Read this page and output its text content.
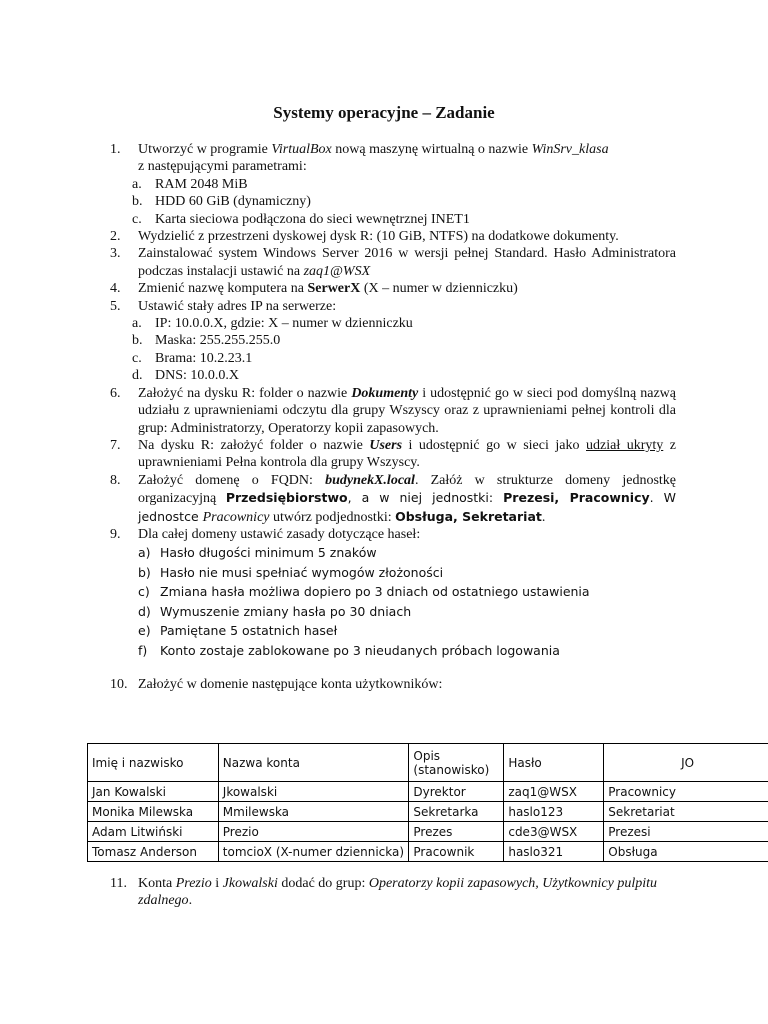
Systemy operacyjne – Zadanie
1. Utworzyć w programie VirtualBox nową maszynę wirtualną o nazwie WinSrv_klasa
z następującymi parametrami:
a. RAM 2048 MiB
b. HDD 60 GiB (dynamiczny)
c. Karta sieciowa podłączona do sieci wewnętrznej INET1
2. Wydzielić z przestrzeni dyskowej dysk R: (10 GiB, NTFS) na dodatkowe dokumenty.
3. Zainstalować system Windows Server 2016 w wersji pełnej Standard. Hasło Administratora podczas instalacji ustawić na zaq1@WSX
4. Zmienić nazwę komputera na SerwerX (X – numer w dzienniczku)
5. Ustawić stały adres IP na serwerze:
a. IP: 10.0.0.X, gdzie: X – numer w dzienniczku
b. Maska: 255.255.255.0
c. Brama: 10.2.23.1
d. DNS: 10.0.0.X
6. Założyć na dysku R: folder o nazwie Dokumenty i udostępnić go w sieci pod domyślną nazwą udziału z uprawnieniami odczytu dla grupy Wszyscy oraz z uprawnieniami pełnej kontroli dla grup: Administratorzy, Operatorzy kopii zapasowych.
7. Na dysku R: założyć folder o nazwie Users i udostępnić go w sieci jako udział ukryty z uprawnieniami Pełna kontrola dla grupy Wszyscy.
8. Założyć domenę o FQDN: budynekX.local. Załóż w strukturze domeny jednostkę organizacyjną Przedsiębiorstwo, a w niej jednostki: Prezesi, Pracownicy. W jednostce Pracownicy utwórz podjednostki: Obsługa, Sekretariat.
9. Dla całej domeny ustawić zasady dotyczące haseł:
a) Hasło długości minimum 5 znaków
b) Hasło nie musi spełniać wymogów złożoności
c) Zmiana hasła możliwa dopiero po 3 dniach od ostatniego ustawienia
d) Wymuszenie zmiany hasła po 30 dniach
e) Pamiętane 5 ostatnich haseł
f) Konto zostaje zablokowane po 3 nieudanych próbach logowania
10. Założyć w domenie następujące konta użytkowników:
Imię i nazwisko	Nazwa konta	Opis (stanowisko)	Hasło	JO
Jan Kowalski	Jkowalski	Dyrektor	zaq1@WSX	Pracownicy
Monika Milewska	Mmilewska	Sekretarka	haslo123	Sekretariat
Adam Litwiński	Prezio	Prezes	cde3@WSX	Prezesi
Tomasz Anderson	tomcioX (X-numer dziennicka)	Pracownik	haslo321	Obsługa
11. Konta Prezio i Jkowalski dodać do grup: Operatorzy kopii zapasowych, Użytkownicy pulpitu zdalnego.
